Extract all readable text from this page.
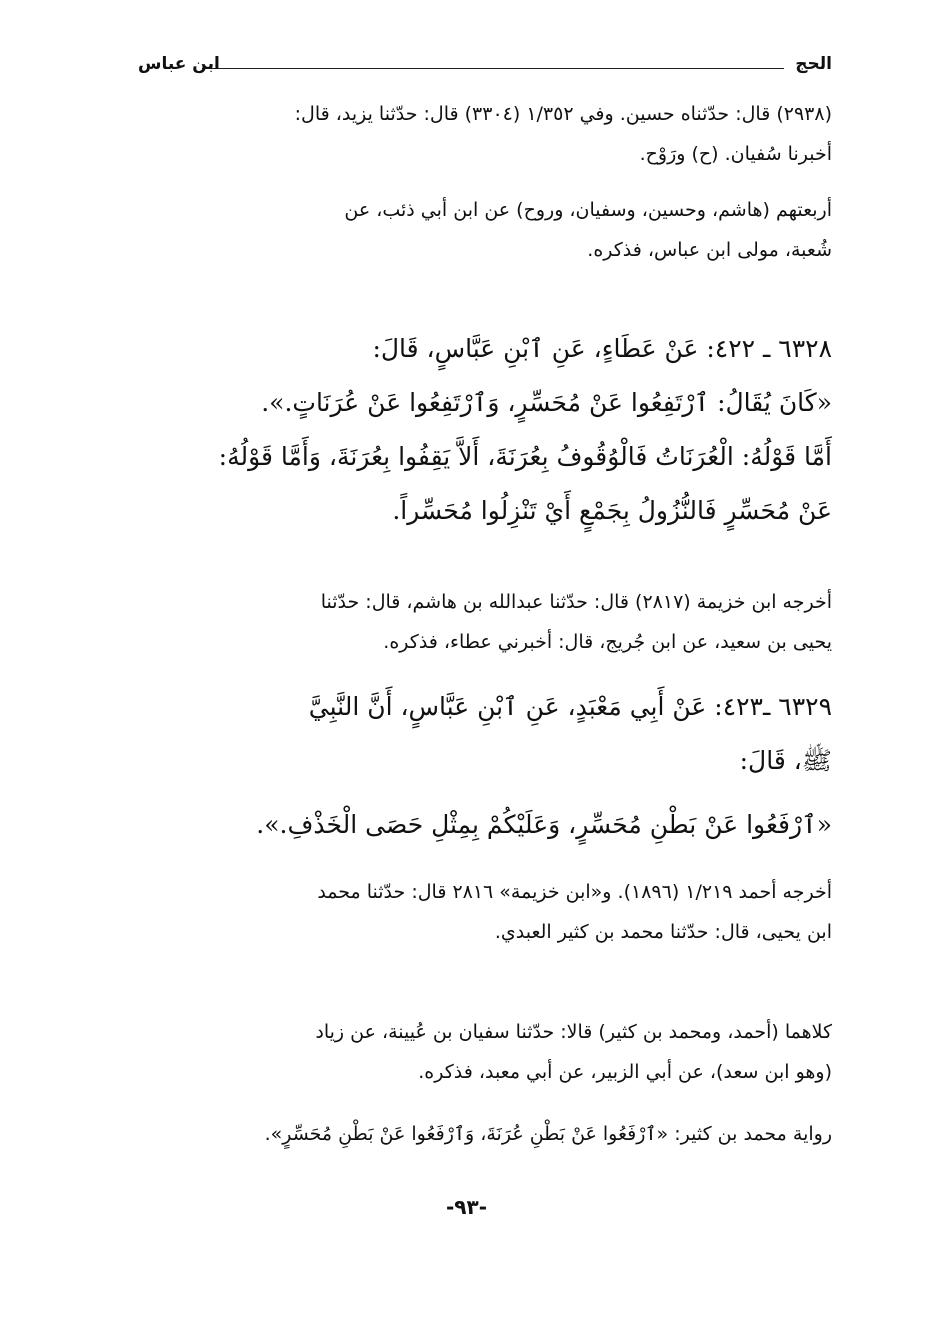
الحج
ابن عباس
(٢٩٣٨) قال: حدّثناه حسين. وفي ١/٣٥٢ (٣٣٠٤) قال: حدّثنا يزيد، قال:
أخبرنا سُفيان. (ح) ورَوْح.
أربعتهم (هاشم، وحسين، وسفيان، وروح) عن ابن أبي ذئب، عن
شُعبة، مولى ابن عباس، فذكره.
٦٣٢٨ ـ ٤٢٢: عَنْ عَطَاءٍ، عَنِ ٱبْنِ عَبَّاسٍ، قَالَ:
«كَانَ يُقَالُ: ٱرْتَفِعُوا عَنْ مُحَسِّرٍ، وَٱرْتَفِعُوا عَنْ عُرَنَاتٍ.».
أَمَّا قَوْلُهُ: الْعُرَنَاتُ فَالْوُقُوفُ بِعُرَنَةَ، أَلاَّ يَقِفُوا بِعُرَنَةَ، وَأَمَّا قَوْلُهُ:
عَنْ مُحَسِّرٍ فَالنُّزُولُ بِجَمْعٍ أَيْ تَنْزِلُوا مُحَسِّراً.
أخرجه ابن خزيمة (٢٨١٧) قال: حدّثنا عبدالله بن هاشم، قال: حدّثنا
يحيى بن سعيد، عن ابن جُريج، قال: أخبرني عطاء، فذكره.
٦٣٢٩ ـ٤٢٣: عَنْ أَبِي مَعْبَدٍ، عَنِ ٱبْنِ عَبَّاسٍ، أَنَّ النَّبِيَّ
ﷺ، قَالَ:
«ٱرْفَعُوا عَنْ بَطْنِ مُحَسِّرٍ، وَعَلَيْكُمْ بِمِثْلِ حَصَى الْخَذْفِ.».
أخرجه أحمد ١/٢١٩ (١٨٩٦). و«ابن خزيمة» ٢٨١٦ قال: حدّثنا محمد
ابن يحيى، قال: حدّثنا محمد بن كثير العبدي.
كلاهما (أحمد، ومحمد بن كثير) قالا: حدّثنا سفيان بن عُيينة، عن زياد
(وهو ابن سعد)، عن أبي الزبير، عن أبي معبد، فذكره.
رواية محمد بن كثير: «ٱرْفَعُوا عَنْ بَطْنِ عُرَنَةَ، وَٱرْفَعُوا عَنْ بَطْنِ مُحَسِّرٍ».
-٩٣-
